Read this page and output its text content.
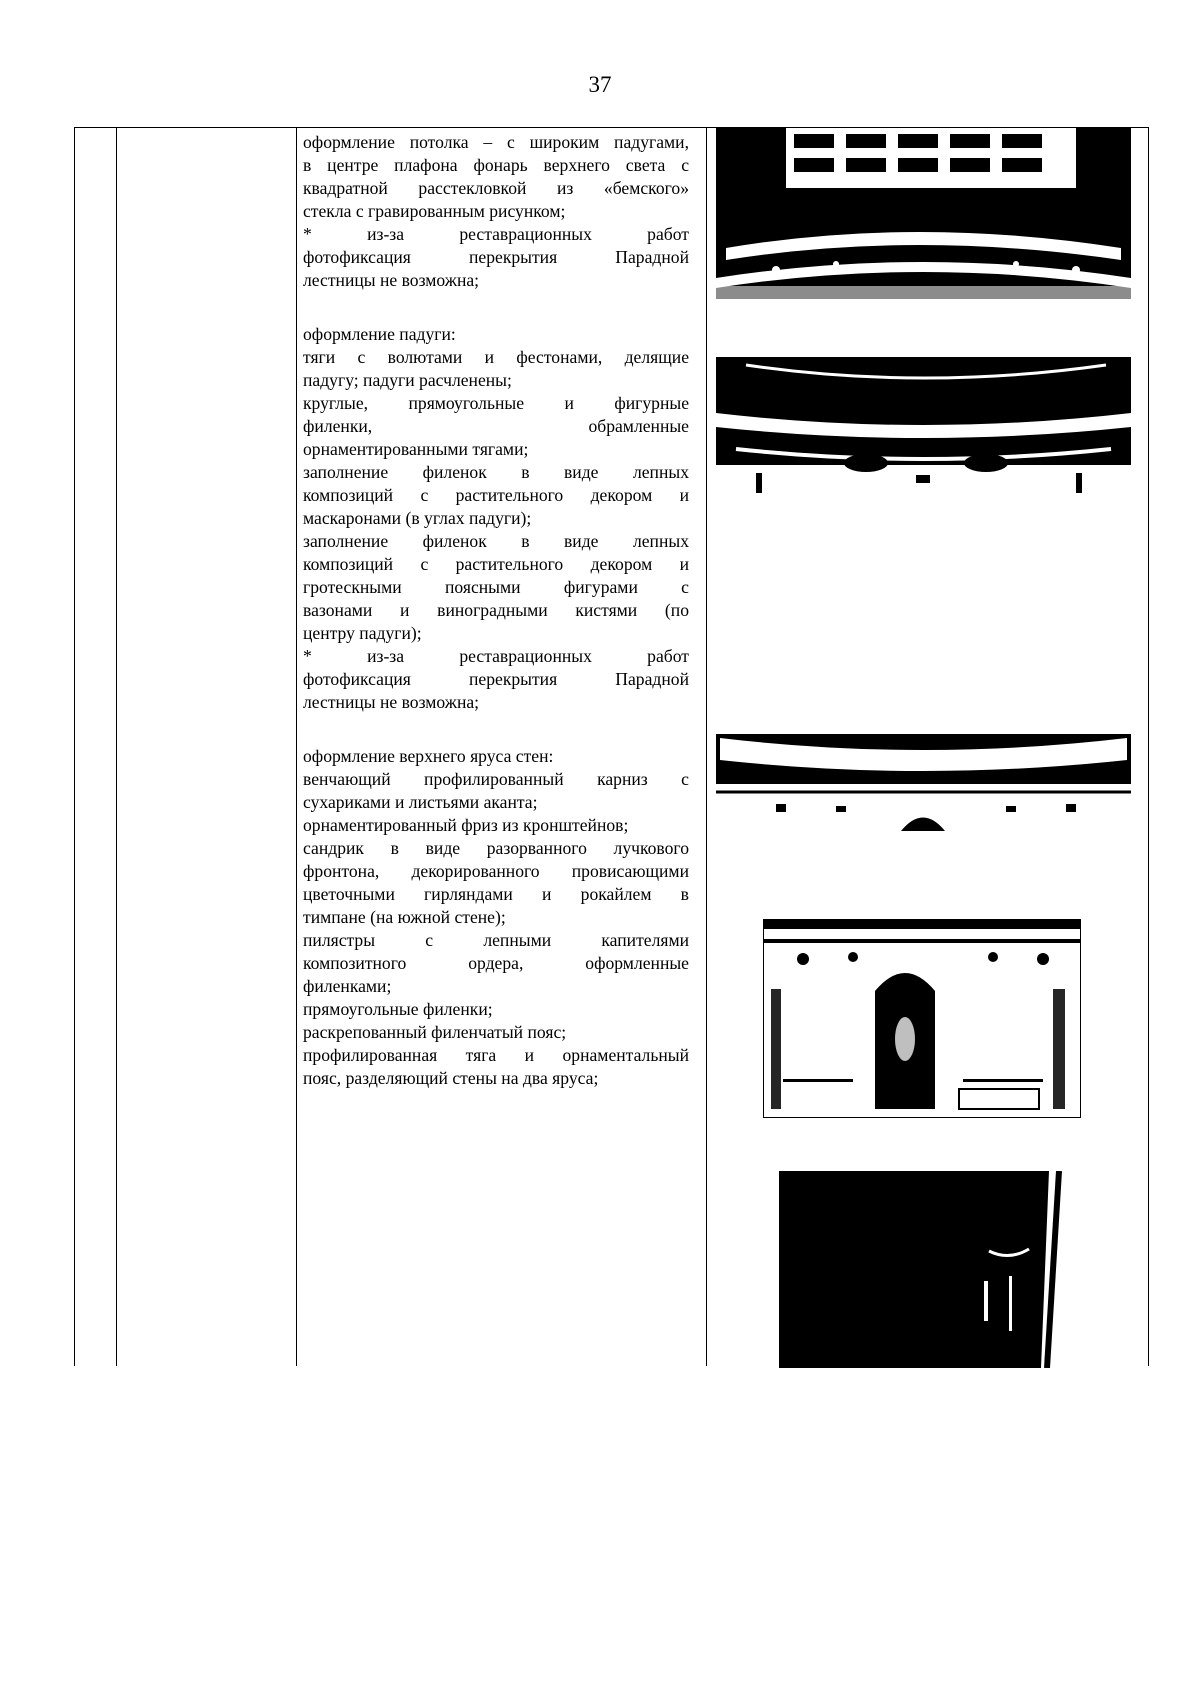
37
оформление потолка – с широким падугами,
в центре плафона фонарь верхнего света с
квадратной расстекловкой из «бемского»
стекла с гравированным рисунком;
* из-за реставрационных работ
фотофиксация перекрытия Парадной
лестницы не возможна;
оформление падуги:
тяги с волютами и фестонами, делящие
падугу; падуги расчленены;
круглые, прямоугольные и фигурные
филенки, обрамленные
орнаментированными тягами;
заполнение филенок в виде лепных
композиций с растительного декором и
маскаронами (в углах падуги);
заполнение филенок в виде лепных
композиций с растительного декором и
гротескными поясными фигурами с
вазонами и виноградными кистями (по
центру падуги);
* из-за реставрационных работ
фотофиксация перекрытия Парадной
лестницы не возможна;
оформление верхнего яруса стен:
венчающий профилированный карниз с
сухариками и листьями аканта;
орнаментированный фриз из кронштейнов;
сандрик в виде разорванного лучкового
фронтона, декорированного провисающими
цветочными гирляндами и рокайлем в
тимпане (на южной стене);
пилястры с лепными капителями
композитного ордера, оформленные
филенками;
прямоугольные филенки;
раскрепованный филенчатый пояс;
профилированная тяга и орнаментальный
пояс, разделяющий стены на два яруса;
